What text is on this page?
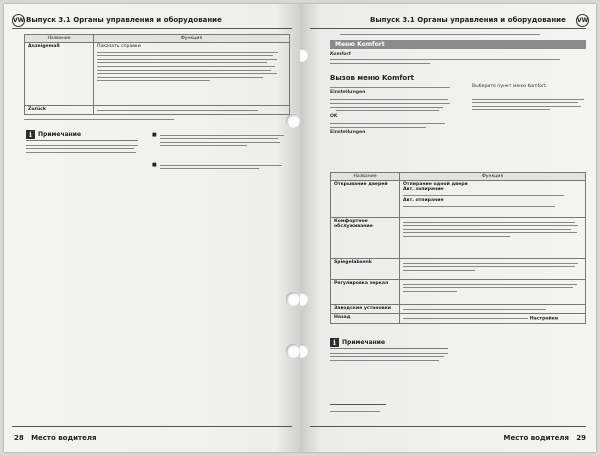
VW Выпуск 3.1 Органы управления и оборудование
Название	Функция
Anzeigemaß	Показать справки

Zurück	
i	Примечание	■
■
28 Место водителя
Выпуск 3.1 Органы управления и оборудование VW
Меню Komfort
Komfort
Вызов меню Komfort
Einstellungen
OK
Einstellungen
Выберите пункт меню Komfort.
Название	Функция
Открывание дверей	Отпирание одной двери
Авт. запирание
Авт. отпирание

Комфортное обслуживание	

Spiegelabsenk	

Регулировка зеркал	

Заводские установки	

Назад	Настройки
i	Примечание
Место водителя 29
